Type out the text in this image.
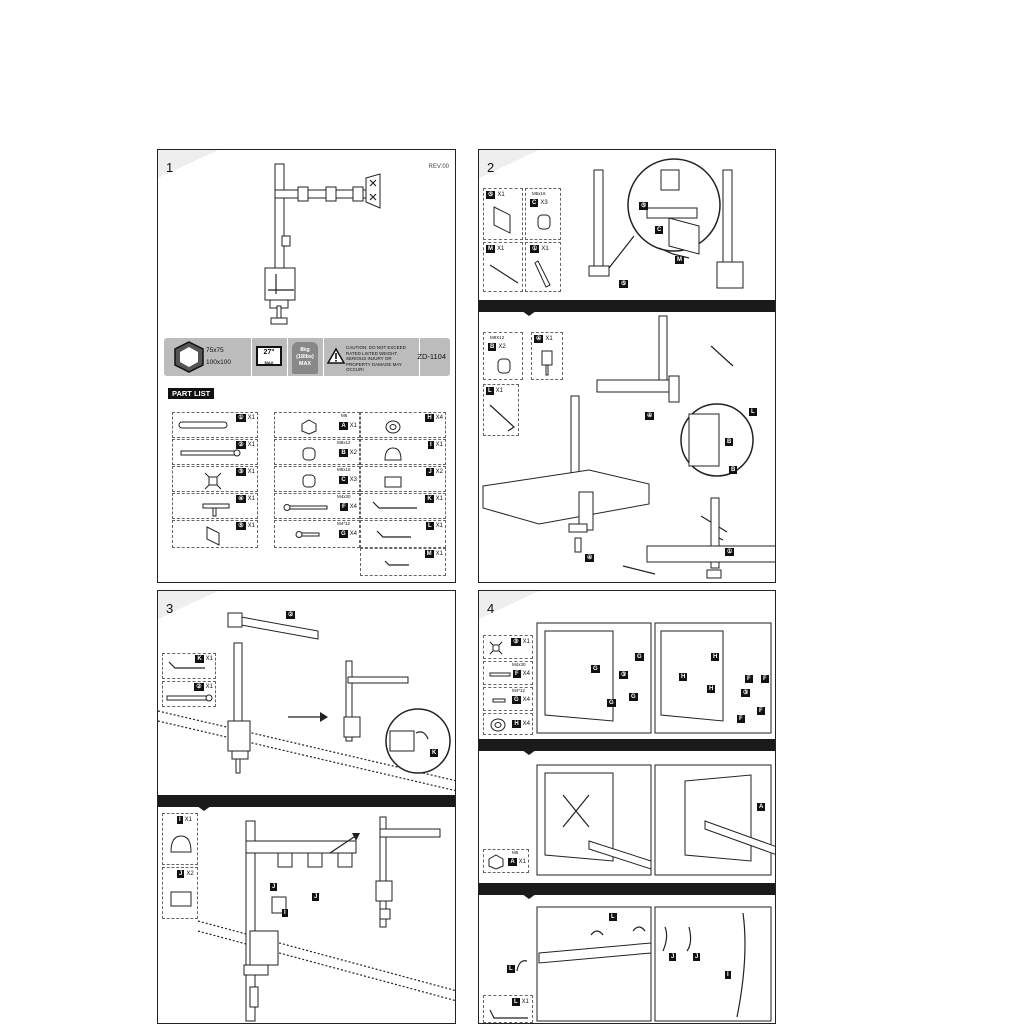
1	REV:00
75x75
100x100
27"
MAX
8kg (18lbs) MAX
CAUTION: DO NOT EXCEED RATED LISTED WEIGHT. SERIOUS INJURY OR PROPERTY DAMAGE MAY OCCUR!
ZD-1104
PART LIST
① X1
② X1
③ X1
④ X1
⑤ X1
M6
A X1
M8x12
B X2
M5x16
C X3
M4x30
F X4
M4*12
G X4
H X4
I X1
J X2
K X1
L X1
M X1
2
⑤ X1	M5x16
C X3
M X1	① X1
⑤
C
M
⑤
M8X12
B X2
④ X1
L X1
④
L
B
B
④
①
3
K X1
② X1
②
K
I X1
J X2
J
J
I
4
③ X1
M4x30
F X4
M4*12
G X4
H X4
G
G
③
G
G
H
H
H
③
F	F
F
F
M6
A X1
A
L X1
L
L
J	J
I
